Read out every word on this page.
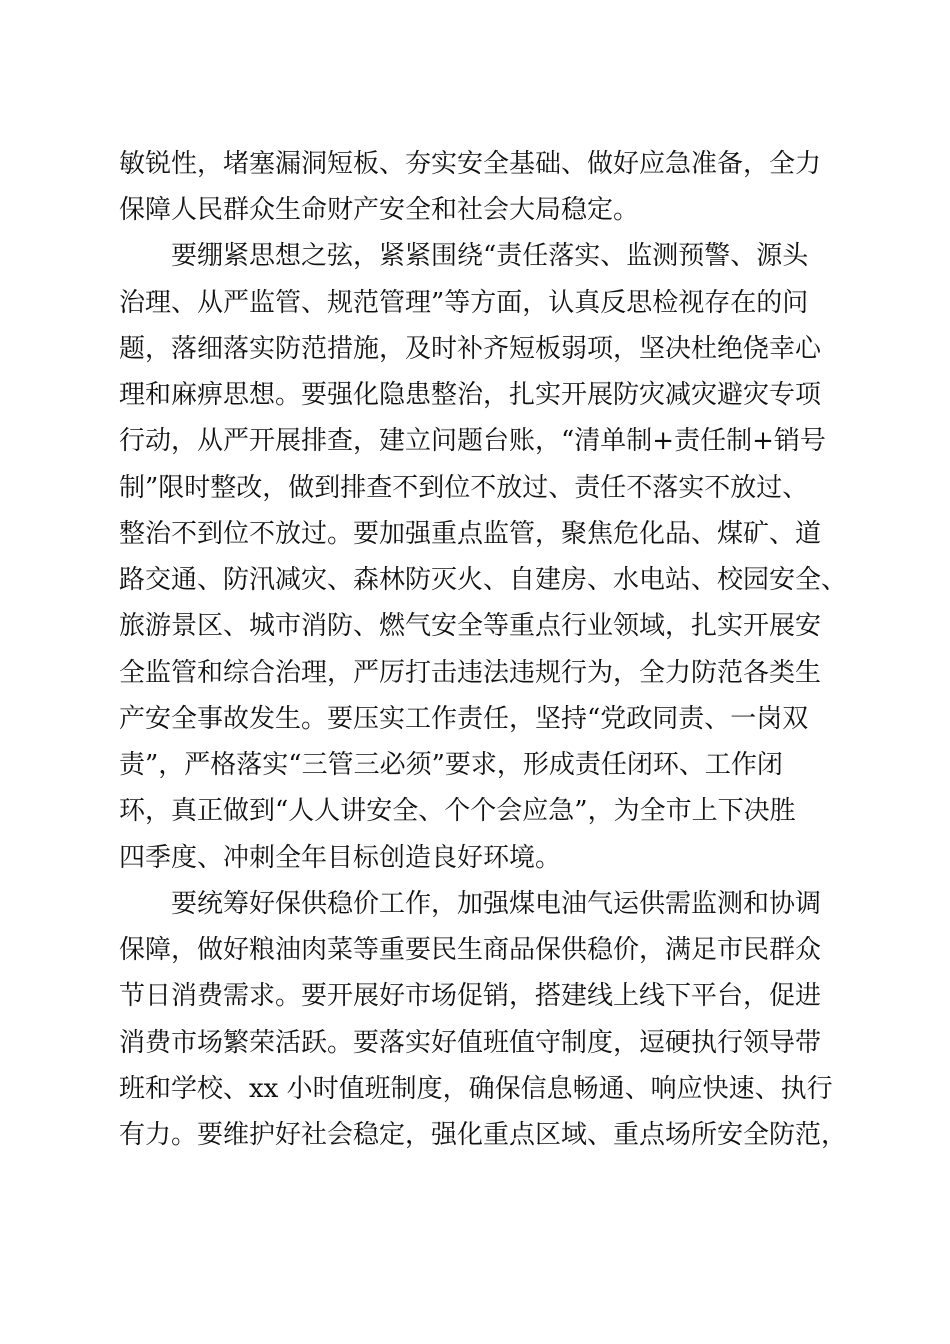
敏锐性，堵塞漏洞短板、夯实安全基础、做好应急准备，全力
保障人民群众生命财产安全和社会大局稳定。
要绷紧思想之弦，紧紧围绕“责任落实、监测预警、源头
治理、从严监管、规范管理”等方面，认真反思检视存在的问
题，落细落实防范措施，及时补齐短板弱项，坚决杜绝侥幸心
理和麻痹思想。要强化隐患整治，扎实开展防灾减灾避灾专项
行动，从严开展排查，建立问题台账，“清单制+责任制+销号
制”限时整改，做到排查不到位不放过、责任不落实不放过、
整治不到位不放过。要加强重点监管，聚焦危化品、煤矿、道
路交通、防汛减灾、森林防灭火、自建房、水电站、校园安全、
旅游景区、城市消防、燃气安全等重点行业领域，扎实开展安
全监管和综合治理，严厉打击违法违规行为，全力防范各类生
产安全事故发生。要压实工作责任，坚持“党政同责、一岗双
责”，严格落实“三管三必须”要求，形成责任闭环、工作闭
环，真正做到“人人讲安全、个个会应急”，为全市上下决胜
四季度、冲刺全年目标创造良好环境。
要统筹好保供稳价工作，加强煤电油气运供需监测和协调
保障，做好粮油肉菜等重要民生商品保供稳价，满足市民群众
节日消费需求。要开展好市场促销，搭建线上线下平台，促进
消费市场繁荣活跃。要落实好值班值守制度，逗硬执行领导带
班和学校、xx 小时值班制度，确保信息畅通、响应快速、执行
有力。要维护好社会稳定，强化重点区域、重点场所安全防范，
